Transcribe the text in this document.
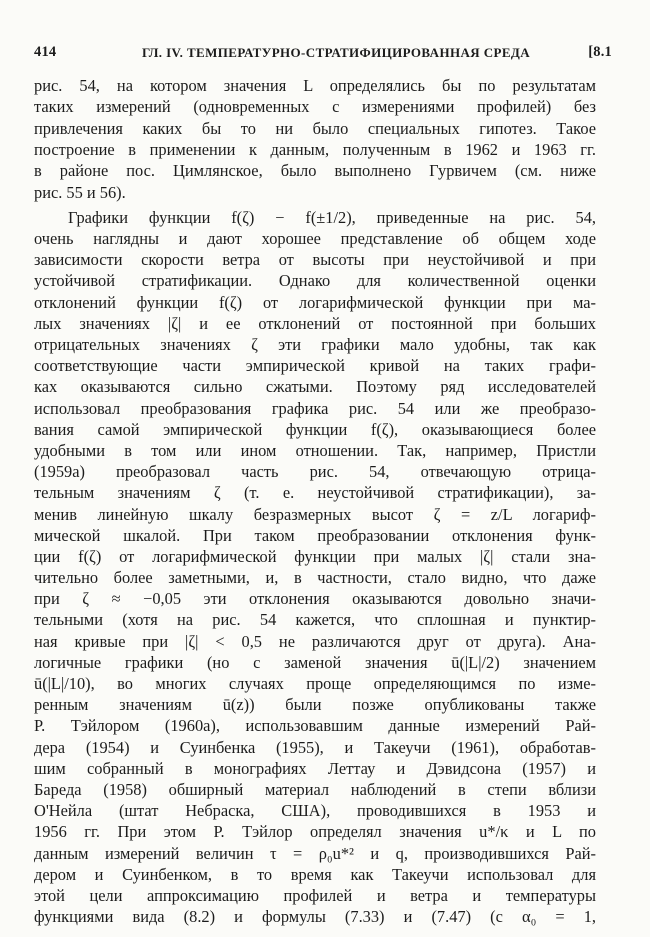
414	ГЛ. IV. ТЕМПЕРАТУРНО-СТРАТИФИЦИРОВАННАЯ СРЕДА	[8.1
рис. 54, на котором значения L определялись бы по результатам
таких измерений (одновременных с измерениями профилей) без
привлечения каких бы то ни было специальных гипотез. Такое
построение в применении к данным, полученным в 1962 и 1963 гг.
в районе пос. Цимлянское, было выполнено Гурвичем (см. ниже
рис. 55 и 56).
Графики функции f(ζ) − f(±1/2), приведенные на рис. 54,
очень наглядны и дают хорошее представление об общем ходе
зависимости скорости ветра от высоты при неустойчивой и при
устойчивой стратификации. Однако для количественной оценки
отклонений функции f(ζ) от логарифмической функции при ма-
лых значениях |ζ| и ее отклонений от постоянной при больших
отрицательных значениях ζ эти графики мало удобны, так как
соответствующие части эмпирической кривой на таких графи-
ках оказываются сильно сжатыми. Поэтому ряд исследователей
использовал преобразования графика рис. 54 или же преобразо-
вания самой эмпирической функции f(ζ), оказывающиеся более
удобными в том или ином отношении. Так, например, Пристли
(1959а) преобразовал часть рис. 54, отвечающую отрица-
тельным значениям ζ (т. е. неустойчивой стратификации), за-
менив линейную шкалу безразмерных высот ζ = z/L логариф-
мической шкалой. При таком преобразовании отклонения функ-
ции f(ζ) от логарифмической функции при малых |ζ| стали зна-
чительно более заметными, и, в частности, стало видно, что даже
при ζ ≈ −0,05 эти отклонения оказываются довольно значи-
тельными (хотя на рис. 54 кажется, что сплошная и пунктир-
ная кривые при |ζ| < 0,5 не различаются друг от друга). Ана-
логичные графики (но с заменой значения ū(|L|/2) значением
ū(|L|/10), во многих случаях проще определяющимся по изме-
ренным значениям ū(z)) были позже опубликованы также
Р. Тэйлором (1960а), использовавшим данные измерений Рай-
дера (1954) и Суинбенка (1955), и Такеучи (1961), обработав-
шим собранный в монографиях Леттау и Дэвидсона (1957) и
Бареда (1958) обширный материал наблюдений в степи вблизи
О'Нейла (штат Небраска, США), проводившихся в 1953 и
1956 гг. При этом Р. Тэйлор определял значения u*/κ и L по
данным измерений величин τ = ρ₀u*² и q, производившихся Рай-
дером и Суинбенком, в то время как Такеучи использовал для
этой цели аппроксимацию профилей и ветра и температуры
функциями вида (8.2) и формулы (7.33) и (7.47) (с α₀ = 1,
